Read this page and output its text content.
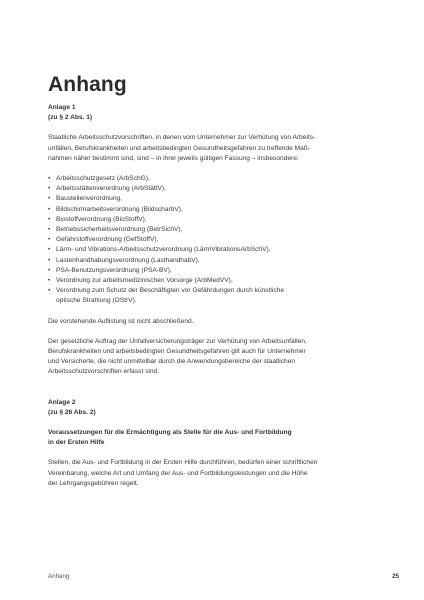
Anhang
Anlage 1
(zu § 2 Abs. 1)

Staatliche Arbeitsschutzvorschriften, in denen vom Unternehmer zur Verhütung von Arbeits-
unfällen, Berufskrankheiten und arbeitsbedingten Gesundheitsgefahren zu treffende Maß-
nahmen näher bestimmt sind, sind – in ihrer jeweils gültigen Fassung – insbesondere:

• Arbeitsschutzgesetz (ArbSchG),
• Arbeitsstättenverordnung (ArbStättV),
• Baustellenverordnung,
• Bildschirmarbeitsverordnung (BildscharbV),
• Biostoffverordnung (BioStoffV),
• Betriebssicherheitsverordnung (BetrSichV),
• Gefahrstoffverordnung (GefStoffV),
• Lärm- und Vibrations-Arbeitsschutzverordnung (LärmVibrationsArbSchV),
• Lastenhandhabungsverordnung (LasthandhabV),
• PSA-Benutzungsverordnung (PSA-BV),
• Verordnung zur arbeitsmedizinischen Vorsorge (ArbMedVV),
• Verordnung zum Schutz der Beschäftigten vor Gefährdungen durch künstliche
optische Strahlung (OStrV).

Die vorstehende Auflistung ist nicht abschließend.

Der gesetzliche Auftrag der Unfallversicherungsträger zur Verhütung von Arbeitsunfällen,
Berufskrankheiten und arbeitsbedingten Gesundheitsgefahren gilt auch für Unternehmer
und Versicherte, die nicht unmittelbar durch die Anwendungsbereiche der staatlichen
Arbeitsschutzvorschriften erfasst sind.

Anlage 2
(zu § 26 Abs. 2)

Voraussetzungen für die Ermächtigung als Stelle für die Aus- und Fortbildung
in der Ersten Hilfe

Stellen, die Aus- und Fortbildung in der Ersten Hilfe durchführen, bedürfen einer schriftlichen
Vereinbarung, welche Art und Umfang der Aus- und Fortbildungsleistungen und die Höhe
der Lehrgangsgebühren regelt.

Anhang	25
